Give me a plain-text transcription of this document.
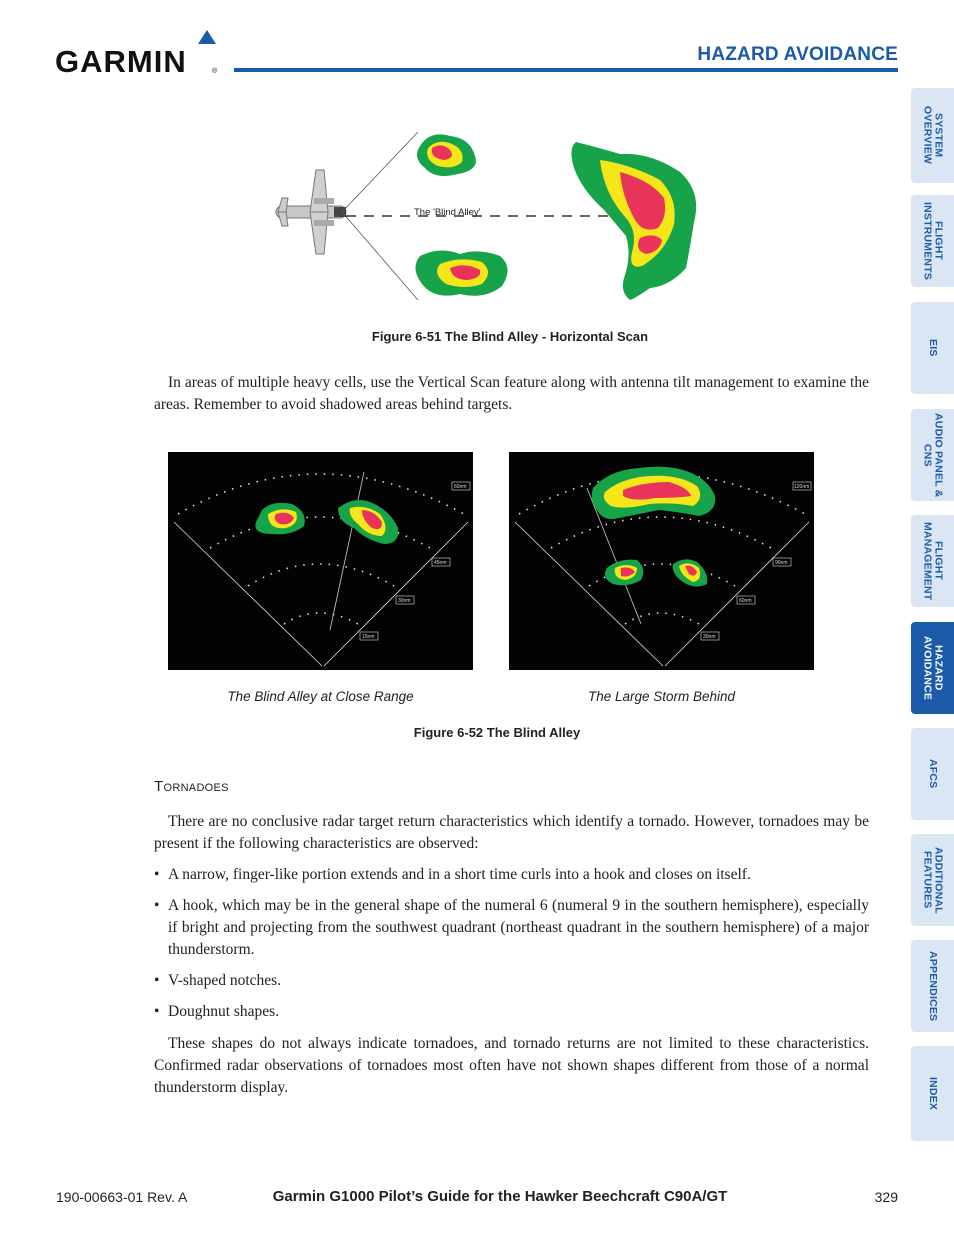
GARMIN	®
HAZARD AVOIDANCE
SYSTEM OVERVIEW
FLIGHT INSTRUMENTS
EIS
AUDIO PANEL & CNS
FLIGHT MANAGEMENT
HAZARD AVOIDANCE
AFCS
ADDITIONAL FEATURES
APPENDICES
INDEX
The 'Blind Alley'
Figure 6-51 The Blind Alley - Horizontal Scan
In areas of multiple heavy cells, use the Vertical Scan feature along with antenna tilt management to examine the areas. Remember to avoid shadowed areas behind targets.
60nm
45nm
30nm
15nm
120nm
90nm
60nm
30nm
The Blind Alley at Close Range	The Large Storm Behind
Figure 6-52 The Blind Alley
Tornadoes
There are no conclusive radar target return characteristics which identify a tornado. However, tornadoes may be present if the following characteristics are observed:
• A narrow, finger-like portion extends and in a short time curls into a hook and closes on itself.
• A hook, which may be in the general shape of the numeral 6 (numeral 9 in the southern hemisphere), especially if bright and projecting from the southwest quadrant (northeast quadrant in the southern hemisphere) of a major thunderstorm.
• V-shaped notches.
• Doughnut shapes.
These shapes do not always indicate tornadoes, and tornado returns are not limited to these characteristics. Confirmed radar observations of tornadoes most often have not shown shapes different from those of a normal thunderstorm display.
190-00663-01 Rev. A	Garmin G1000 Pilot’s Guide for the Hawker Beechcraft C90A/GT	329
